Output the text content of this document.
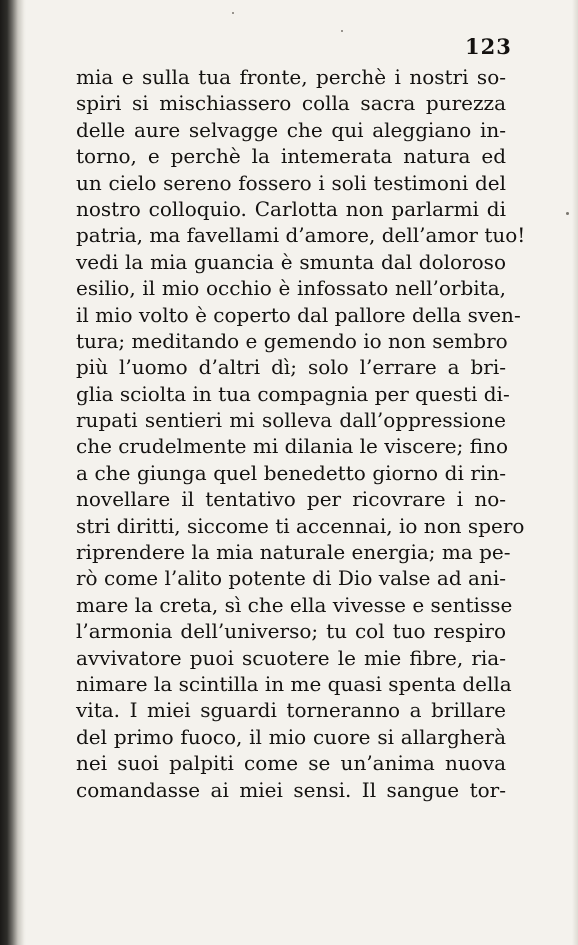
123
mia e sulla tua fronte, perchè i nostri so-
spiri si mischiassero colla sacra purezza
delle aure selvagge che qui aleggiano in-
torno, e perchè la intemerata natura ed
un cielo sereno fossero i soli testimoni del
nostro colloquio. Carlotta non parlarmi di
patria, ma favellami d’amore, dell’amor tuo!
vedi la mia guancia è smunta dal doloroso
esilio, il mio occhio è infossato nell’orbita,
il mio volto è coperto dal pallore della sven-
tura; meditando e gemendo io non sembro
più l’uomo d’altri dì; solo l’errare a bri-
glia sciolta in tua compagnia per questi di-
rupati sentieri mi solleva dall’oppressione
che crudelmente mi dilania le viscere; fino
a che giunga quel benedetto giorno di rin-
novellare il tentativo per ricovrare i no-
stri diritti, siccome ti accennai, io non spero
riprendere la mia naturale energia; ma pe-
rò come l’alito potente di Dio valse ad ani-
mare la creta, sì che ella vivesse e sentisse
l’armonia dell’universo; tu col tuo respiro
avvivatore puoi scuotere le mie fibre, ria-
nimare la scintilla in me quasi spenta della
vita. I miei sguardi torneranno a brillare
del primo fuoco, il mio cuore si allargherà
nei suoi palpiti come se un’anima nuova
comandasse ai miei sensi. Il sangue tor-
